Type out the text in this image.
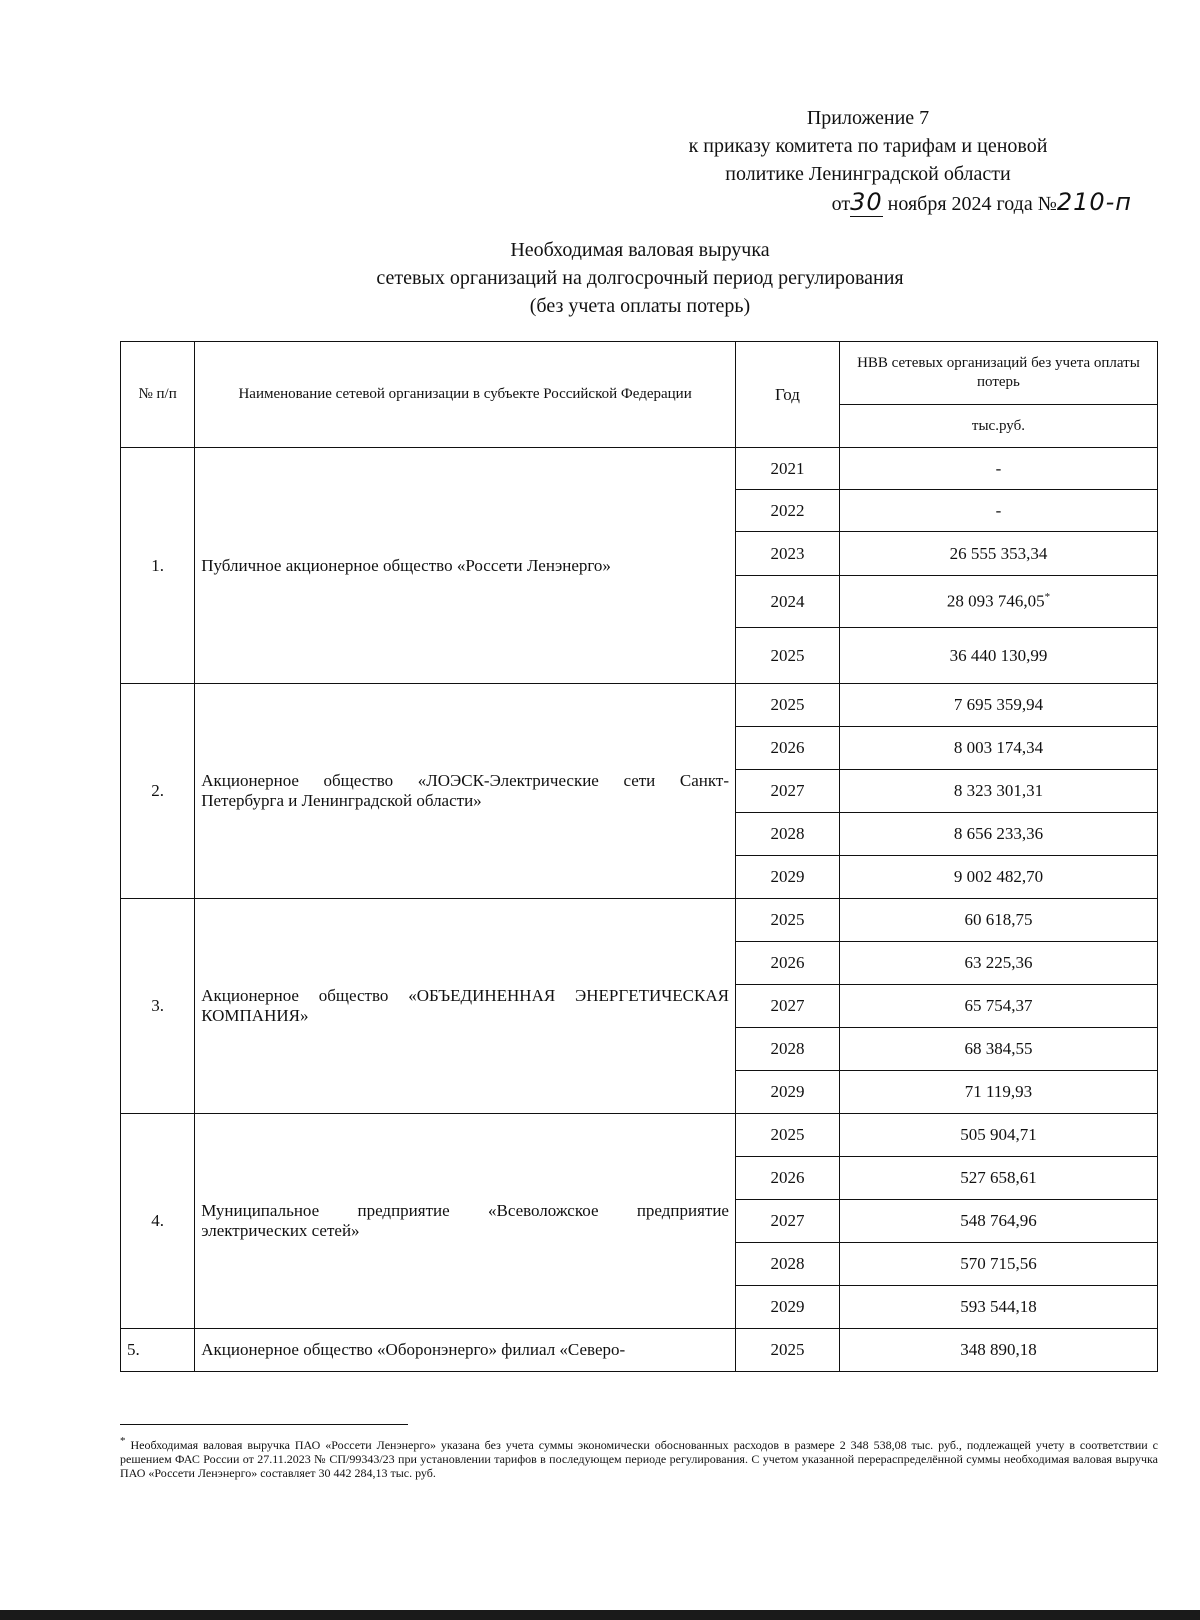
Приложение 7
к приказу комитета по тарифам и ценовой
политике Ленинградской области
от30 ноября 2024 года №210-п
Необходимая валовая выручка
сетевых организаций на долгосрочный период регулирования
(без учета оплаты потерь)
№ п/п	Наименование сетевой организации в субъекте Российской Федерации	Год	НВВ сетевых организаций без учета оплаты потерь
			тыс.руб.
1.	Публичное акционерное общество «Россети Ленэнерго»	2021	-
		2022	-
		2023	26 555 353,34
		2024	28 093 746,05*
		2025	36 440 130,99
2.	Акционерное общество «ЛОЭСК-Электрические сети Санкт-Петербурга и Ленинградской области»	2025	7 695 359,94
		2026	8 003 174,34
		2027	8 323 301,31
		2028	8 656 233,36
		2029	9 002 482,70
3.	Акционерное общество «ОБЪЕДИНЕННАЯ ЭНЕРГЕТИЧЕСКАЯ КОМПАНИЯ»	2025	60 618,75
		2026	63 225,36
		2027	65 754,37
		2028	68 384,55
		2029	71 119,93
4.	Муниципальное предприятие «Всеволожское предприятие электрических сетей»	2025	505 904,71
		2026	527 658,61
		2027	548 764,96
		2028	570 715,56
		2029	593 544,18
5.	Акционерное общество «Оборонэнерго» филиал «Северо-	2025	348 890,18
* Необходимая валовая выручка ПАО «Россети Ленэнерго» указана без учета суммы экономически обоснованных расходов в размере 2 348 538,08 тыс. руб., подлежащей учету в соответствии с решением ФАС России от 27.11.2023 № СП/99343/23 при установлении тарифов в последующем периоде регулирования. С учетом указанной перераспределённой суммы необходимая валовая выручка ПАО «Россети Ленэнерго» составляет 30 442 284,13 тыс. руб.
